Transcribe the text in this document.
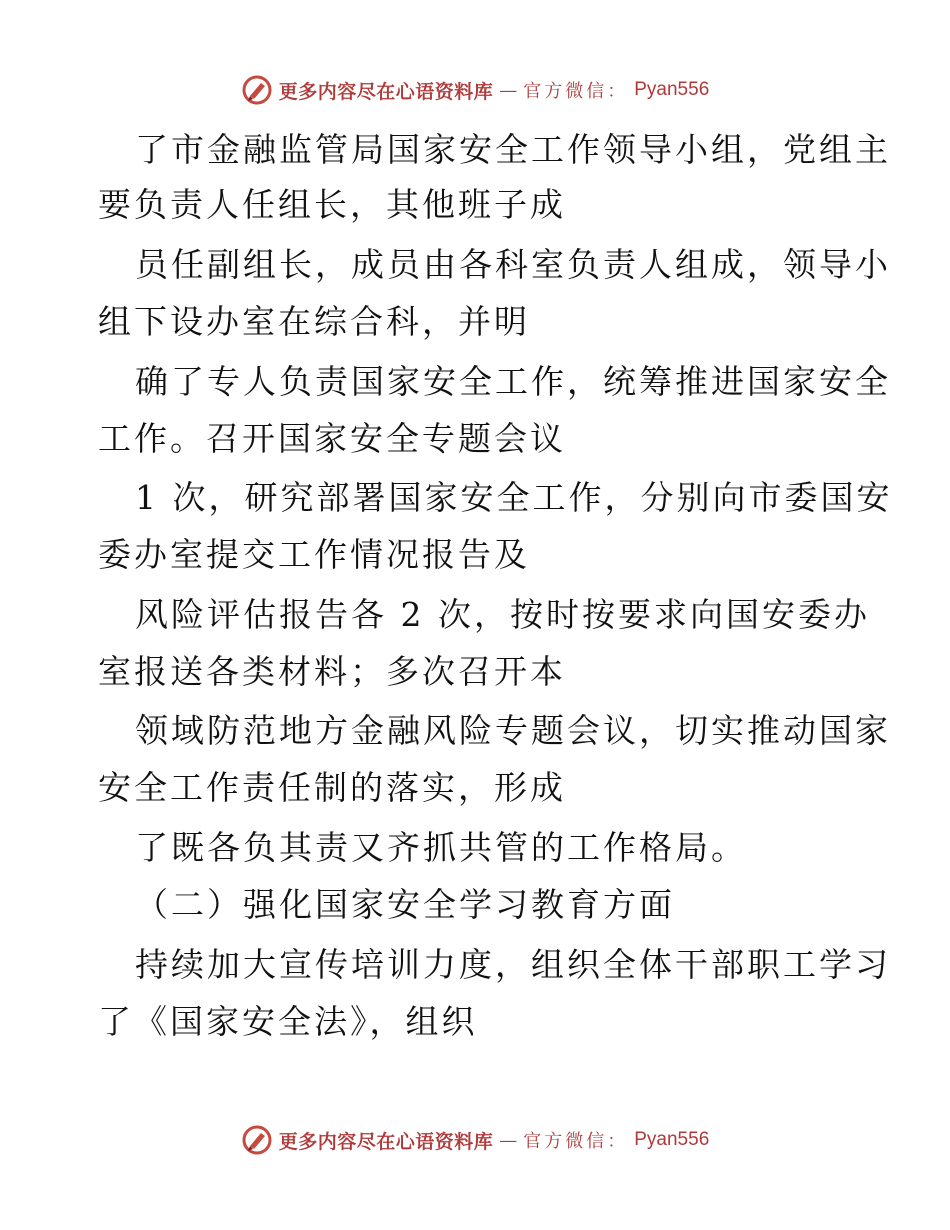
更多内容尽在心语资料库 — 官方微信： Pyan556
了市金融监管局国家安全工作领导小组，党组主
要负责人任组长，其他班子成
员任副组长，成员由各科室负责人组成，领导小
组下设办室在综合科，并明
确了专人负责国家安全工作，统筹推进国家安全
工作。召开国家安全专题会议
1 次，研究部署国家安全工作，分别向市委国安
委办室提交工作情况报告及
风险评估报告各 2 次，按时按要求向国安委办
室报送各类材料；多次召开本
领域防范地方金融风险专题会议，切实推动国家
安全工作责任制的落实，形成
了既各负其责又齐抓共管的工作格局。
（二）强化国家安全学习教育方面
持续加大宣传培训力度，组织全体干部职工学习
了《国家安全法》，组织
更多内容尽在心语资料库 — 官方微信： Pyan556
